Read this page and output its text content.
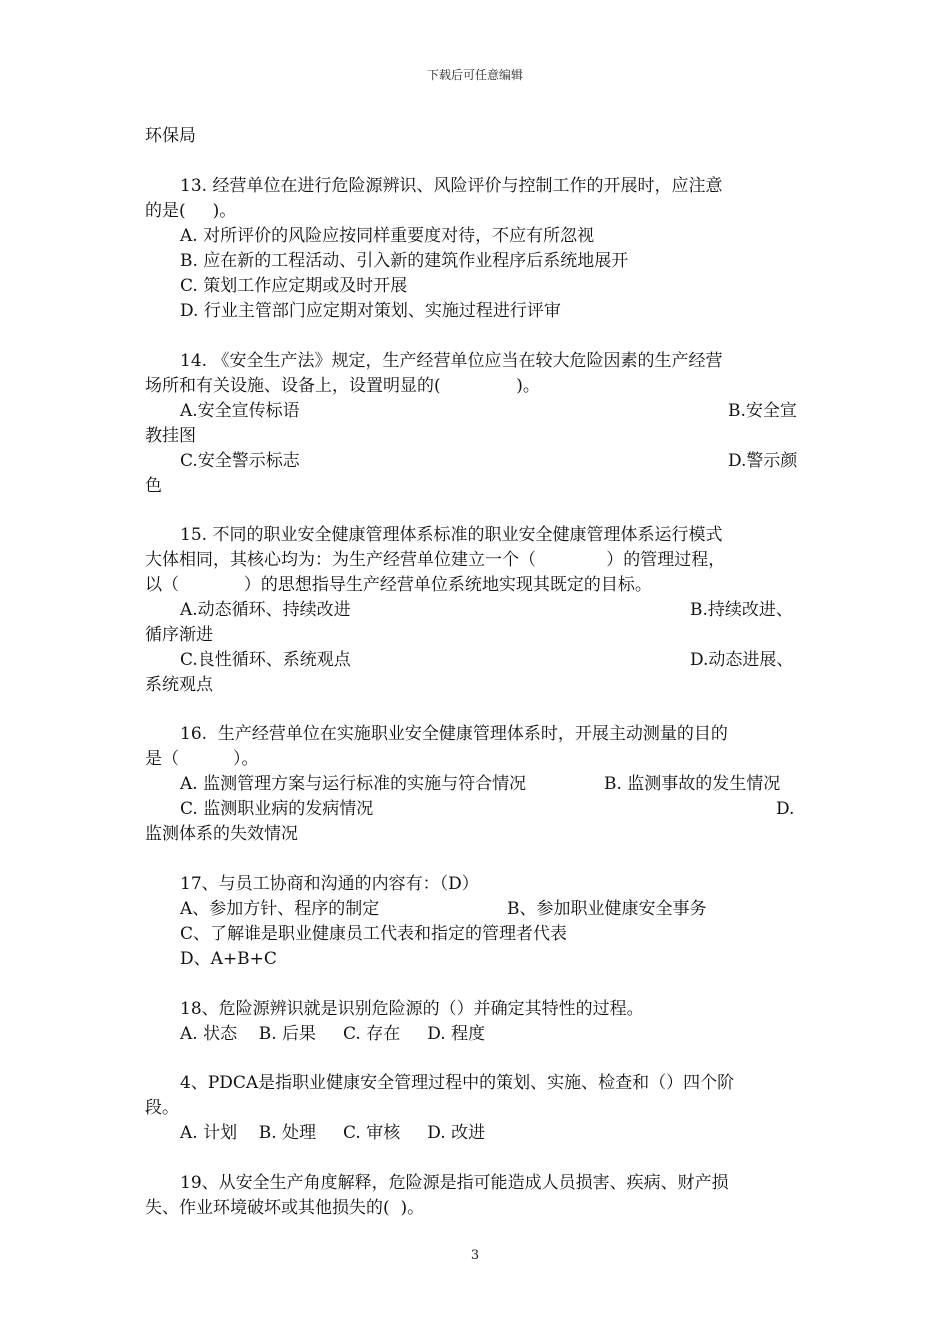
下载后可任意编辑
环保局
13. 经营单位在进行危险源辨识、风险评价与控制工作的开展时，应注意
的是(     )。
A. 对所评价的风险应按同样重要度对待，不应有所忽视
B. 应在新的工程活动、引入新的建筑作业程序后系统地展开
C. 策划工作应定期或及时开展
D. 行业主管部门应定期对策划、实施过程进行评审
14. 《安全生产法》规定，生产经营单位应当在较大危险因素的生产经营
场所和有关设施、设备上，设置明显的(              )。
A.安全宣传标语	B.安全宣
教挂图
C.安全警示标志	D.警示颜
色
15. 不同的职业安全健康管理体系标准的职业安全健康管理体系运行模式
大体相同，其核心均为：为生产经营单位建立一个（             ）的管理过程，
以（            ）的思想指导生产经营单位系统地实现其既定的目标。
A.动态循环、持续改进	B.持续改进、
循序渐进
C.良性循环、系统观点	D.动态进展、
系统观点
16.  生产经营单位在实施职业安全健康管理体系时，开展主动测量的目的
是（          ）。
A. 监测管理方案与运行标准的实施与符合情况	B. 监测事故的发生情况
C. 监测职业病的发病情况	D.
监测体系的失效情况
17、与员工协商和沟通的内容有：（D）
A、参加方针、程序的制定	B、参加职业健康安全事务
C、了解谁是职业健康员工代表和指定的管理者代表
D、A+B+C
18、危险源辨识就是识别危险源的（）并确定其特性的过程。
A. 状态    B. 后果     C. 存在     D. 程度
4、PDCA是指职业健康安全管理过程中的策划、实施、检查和（）四个阶
段。
A. 计划    B. 处理     C. 审核     D. 改进
19、从安全生产角度解释，危险源是指可能造成人员损害、疾病、财产损
失、作业环境破坏或其他损失的(  )。
3
